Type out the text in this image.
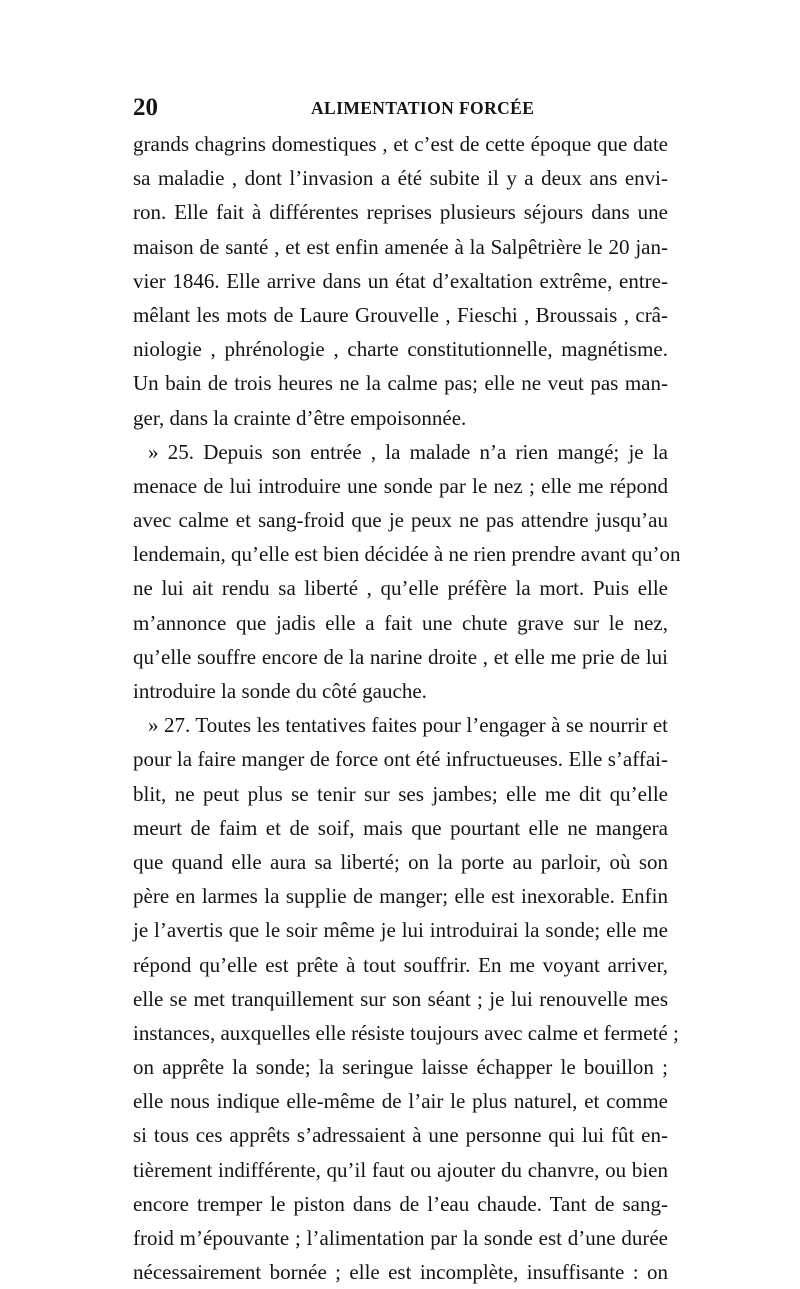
20	ALIMENTATION FORCÉE
grands chagrins domestiques , et c’est de cette époque que date
sa maladie , dont l’invasion a été subite il y a deux ans envi-
ron. Elle fait à différentes reprises plusieurs séjours dans une
maison de santé , et est enfin amenée à la Salpêtrière le 20 jan-
vier 1846. Elle arrive dans un état d’exaltation extrême, entre-
mêlant les mots de Laure Grouvelle , Fieschi , Broussais , crâ-
niologie , phrénologie , charte constitutionnelle, magnétisme.
Un bain de trois heures ne la calme pas; elle ne veut pas man-
ger, dans la crainte d’être empoisonnée.
» 25. Depuis son entrée , la malade n’a rien mangé; je la
menace de lui introduire une sonde par le nez ; elle me répond
avec calme et sang-froid que je peux ne pas attendre jusqu’au
lendemain, qu’elle est bien décidée à ne rien prendre avant qu’on
ne lui ait rendu sa liberté , qu’elle préfère la mort. Puis elle
m’annonce que jadis elle a fait une chute grave sur le nez,
qu’elle souffre encore de la narine droite , et elle me prie de lui
introduire la sonde du côté gauche.
» 27. Toutes les tentatives faites pour l’engager à se nourrir et
pour la faire manger de force ont été infructueuses. Elle s’affai-
blit, ne peut plus se tenir sur ses jambes; elle me dit qu’elle
meurt de faim et de soif, mais que pourtant elle ne mangera
que quand elle aura sa liberté; on la porte au parloir, où son
père en larmes la supplie de manger; elle est inexorable. Enfin
je l’avertis que le soir même je lui introduirai la sonde; elle me
répond qu’elle est prête à tout souffrir. En me voyant arriver,
elle se met tranquillement sur son séant ; je lui renouvelle mes
instances, auxquelles elle résiste toujours avec calme et fermeté ;
on apprête la sonde; la seringue laisse échapper le bouillon ;
elle nous indique elle-même de l’air le plus naturel, et comme
si tous ces apprêts s’adressaient à une personne qui lui fût en-
tièrement indifférente, qu’il faut ou ajouter du chanvre, ou bien
encore tremper le piston dans de l’eau chaude. Tant de sang-
froid m’épouvante ; l’alimentation par la sonde est d’une durée
nécessairement bornée ; elle est incomplète, insuffisante : on
